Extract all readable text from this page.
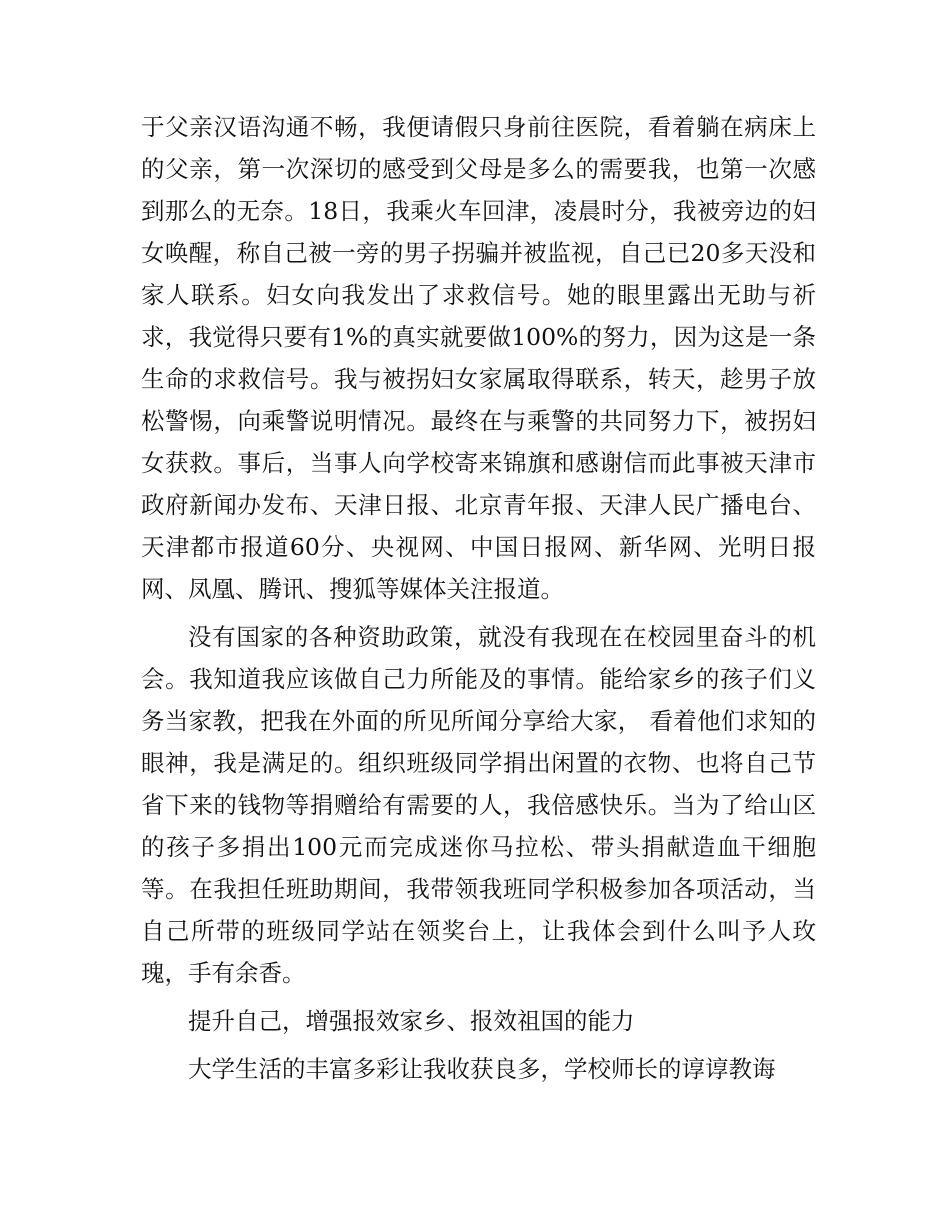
于父亲汉语沟通不畅，我便请假只身前往医院，看着躺在病床上的父亲，第一次深切的感受到父母是多么的需要我，也第一次感到那么的无奈。18日，我乘火车回津，凌晨时分，我被旁边的妇女唤醒，称自己被一旁的男子拐骗并被监视，自己已20多天没和家人联系。妇女向我发出了求救信号。她的眼里露出无助与祈求，我觉得只要有1%的真实就要做100%的努力，因为这是一条生命的求救信号。我与被拐妇女家属取得联系，转天，趁男子放松警惕，向乘警说明情况。最终在与乘警的共同努力下，被拐妇女获救。事后，当事人向学校寄来锦旗和感谢信而此事被天津市政府新闻办发布、天津日报、北京青年报、天津人民广播电台、天津都市报道60分、央视网、中国日报网、新华网、光明日报网、凤凰、腾讯、搜狐等媒体关注报道。

没有国家的各种资助政策，就没有我现在在校园里奋斗的机会。我知道我应该做自己力所能及的事情。能给家乡的孩子们义务当家教，把我在外面的所见所闻分享给大家， 看着他们求知的眼神，我是满足的。组织班级同学捐出闲置的衣物、也将自己节省下来的钱物等捐赠给有需要的人，我倍感快乐。当为了给山区的孩子多捐出100元而完成迷你马拉松、带头捐献造血干细胞等。在我担任班助期间，我带领我班同学积极参加各项活动，当自己所带的班级同学站在领奖台上，让我体会到什么叫予人玫瑰，手有余香。

提升自己，增强报效家乡、报效祖国的能力

大学生活的丰富多彩让我收获良多，学校师长的谆谆教诲
